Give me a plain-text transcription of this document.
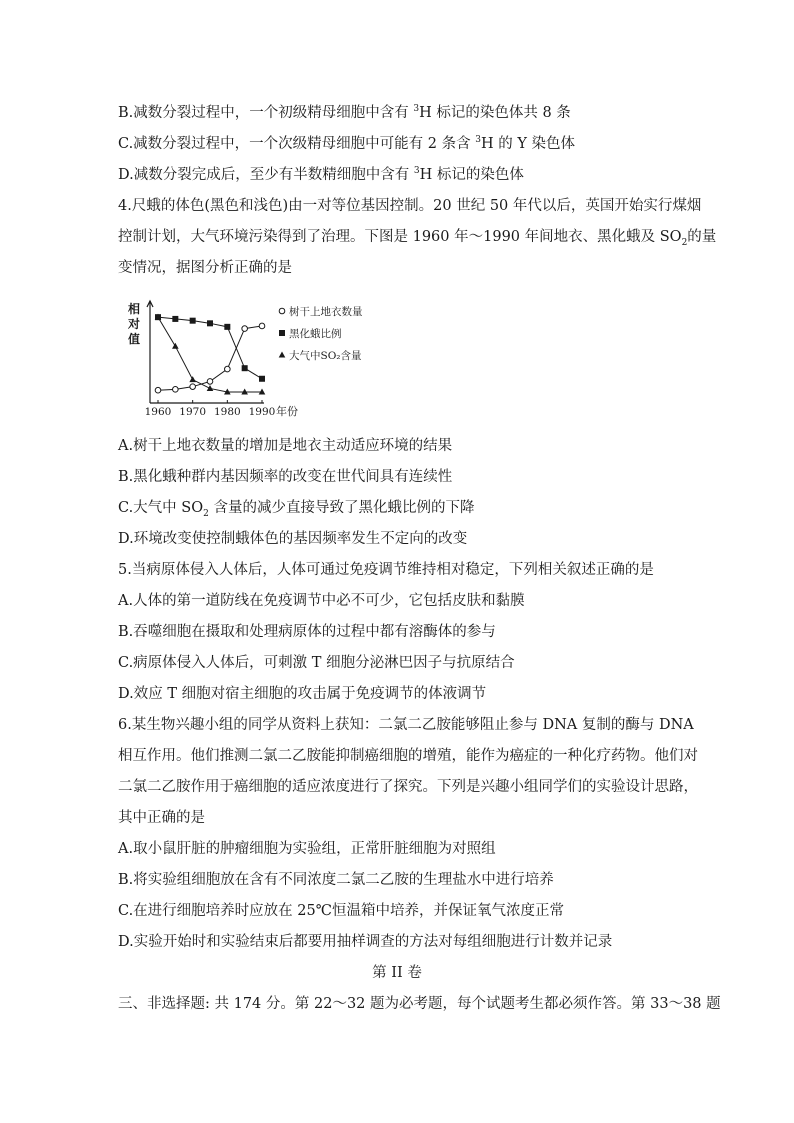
B.减数分裂过程中，一个初级精母细胞中含有 $^3$H 标记的染色体共 8 条
C.减数分裂过程中，一个次级精母细胞中可能有 2 条含 $^3$H 的 Y 染色体
D.减数分裂完成后，至少有半数精细胞中含有 $^3$H 标记的染色体
4.尺蛾的体色(黑色和浅色)由一对等位基因控制。20 世纪 50 年代以后，英国开始实行煤烟
控制计划，大气环境污染得到了治理。下图是 1960 年～1990 年间地衣、黑化蛾及 $SO_2$的量
变情况，据图分析正确的是
相
对
值
1960 1970 1980 1990 年份
树干上地衣数量
黑化蛾比例
大气中SO₂含量
A.树干上地衣数量的增加是地衣主动适应环境的结果
B.黑化蛾种群内基因频率的改变在世代间具有连续性
C.大气中 $SO_2$ 含量的减少直接导致了黑化蛾比例的下降
D.环境改变使控制蛾体色的基因频率发生不定向的改变
5.当病原体侵入人体后，人体可通过免疫调节维持相对稳定，下列相关叙述正确的是
A.人体的第一道防线在免疫调节中必不可少，它包括皮肤和黏膜
B.吞噬细胞在摄取和处理病原体的过程中都有溶酶体的参与
C.病原体侵入人体后，可刺激 T 细胞分泌淋巴因子与抗原结合
D.效应 T 细胞对宿主细胞的攻击属于免疫调节的体液调节
6.某生物兴趣小组的同学从资料上获知：二氯二乙胺能够阻止参与 DNA 复制的酶与 DNA
相互作用。他们推测二氯二乙胺能抑制癌细胞的增殖，能作为癌症的一种化疗药物。他们对
二氯二乙胺作用于癌细胞的适应浓度进行了探究。下列是兴趣小组同学们的实验设计思路，
其中正确的是
A.取小鼠肝脏的肿瘤细胞为实验组，正常肝脏细胞为对照组
B.将实验组细胞放在含有不同浓度二氯二乙胺的生理盐水中进行培养
C.在进行细胞培养时应放在 25℃恒温箱中培养，并保证氧气浓度正常
D.实验开始时和实验结束后都要用抽样调查的方法对每组细胞进行计数并记录
第 II 卷
三、非选择题: 共 174 分。第 22～32 题为必考题，每个试题考生都必须作答。第 33～38 题
